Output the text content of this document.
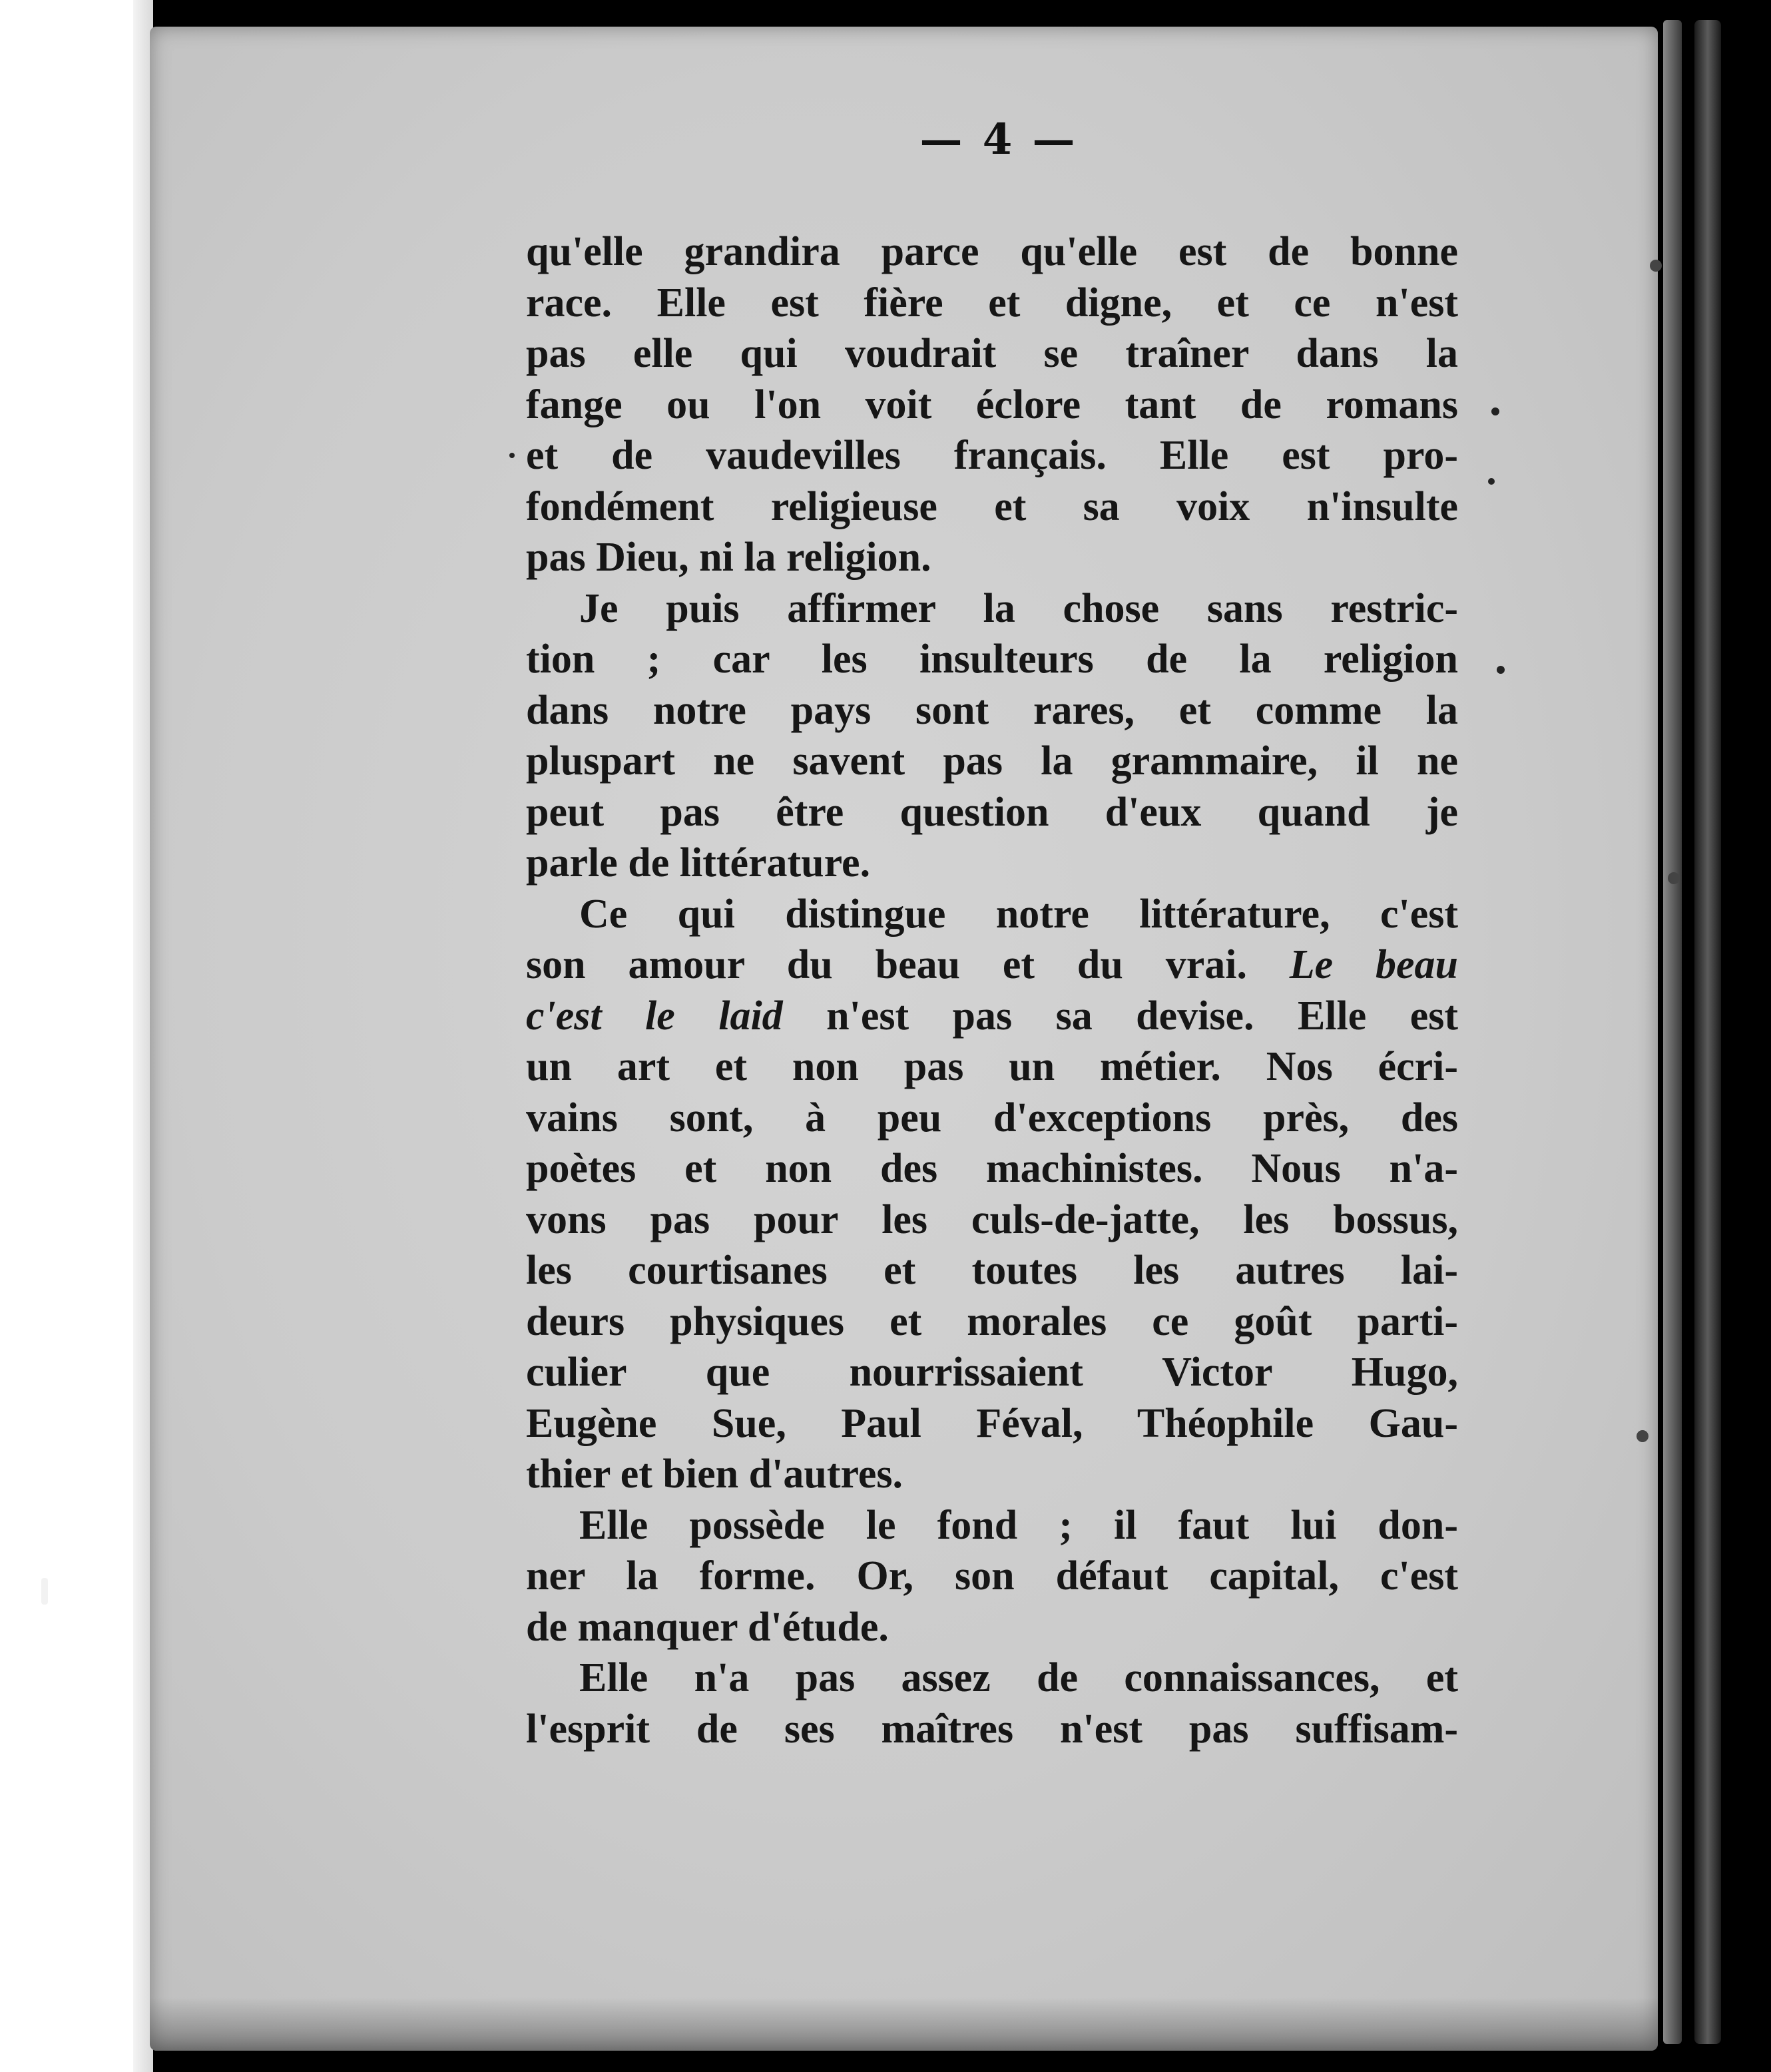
— 4 —
qu'elle grandira parce qu'elle est de bonne
race. Elle est fière et digne, et ce n'est
pas elle qui voudrait se traîner dans la
fange ou l'on voit éclore tant de romans
et de vaudevilles français. Elle est pro-
fondément religieuse et sa voix n'insulte
pas Dieu, ni la religion.
Je puis affirmer la chose sans restric-
tion ; car les insulteurs de la religion
dans notre pays sont rares, et comme la
pluspart ne savent pas la grammaire, il ne
peut pas être question d'eux quand je
parle de littérature.
Ce qui distingue notre littérature, c'est
son amour du beau et du vrai. Le beau
c'est le laid n'est pas sa devise. Elle est
un art et non pas un métier. Nos écri-
vains sont, à peu d'exceptions près, des
poètes et non des machinistes. Nous n'a-
vons pas pour les culs-de-jatte, les bossus,
les courtisanes et toutes les autres lai-
deurs physiques et morales ce goût parti-
culier que nourrissaient Victor Hugo,
Eugène Sue, Paul Féval, Théophile Gau-
thier et bien d'autres.
Elle possède le fond ; il faut lui don-
ner la forme. Or, son défaut capital, c'est
de manquer d'étude.
Elle n'a pas assez de connaissances, et
l'esprit de ses maîtres n'est pas suffisam-
